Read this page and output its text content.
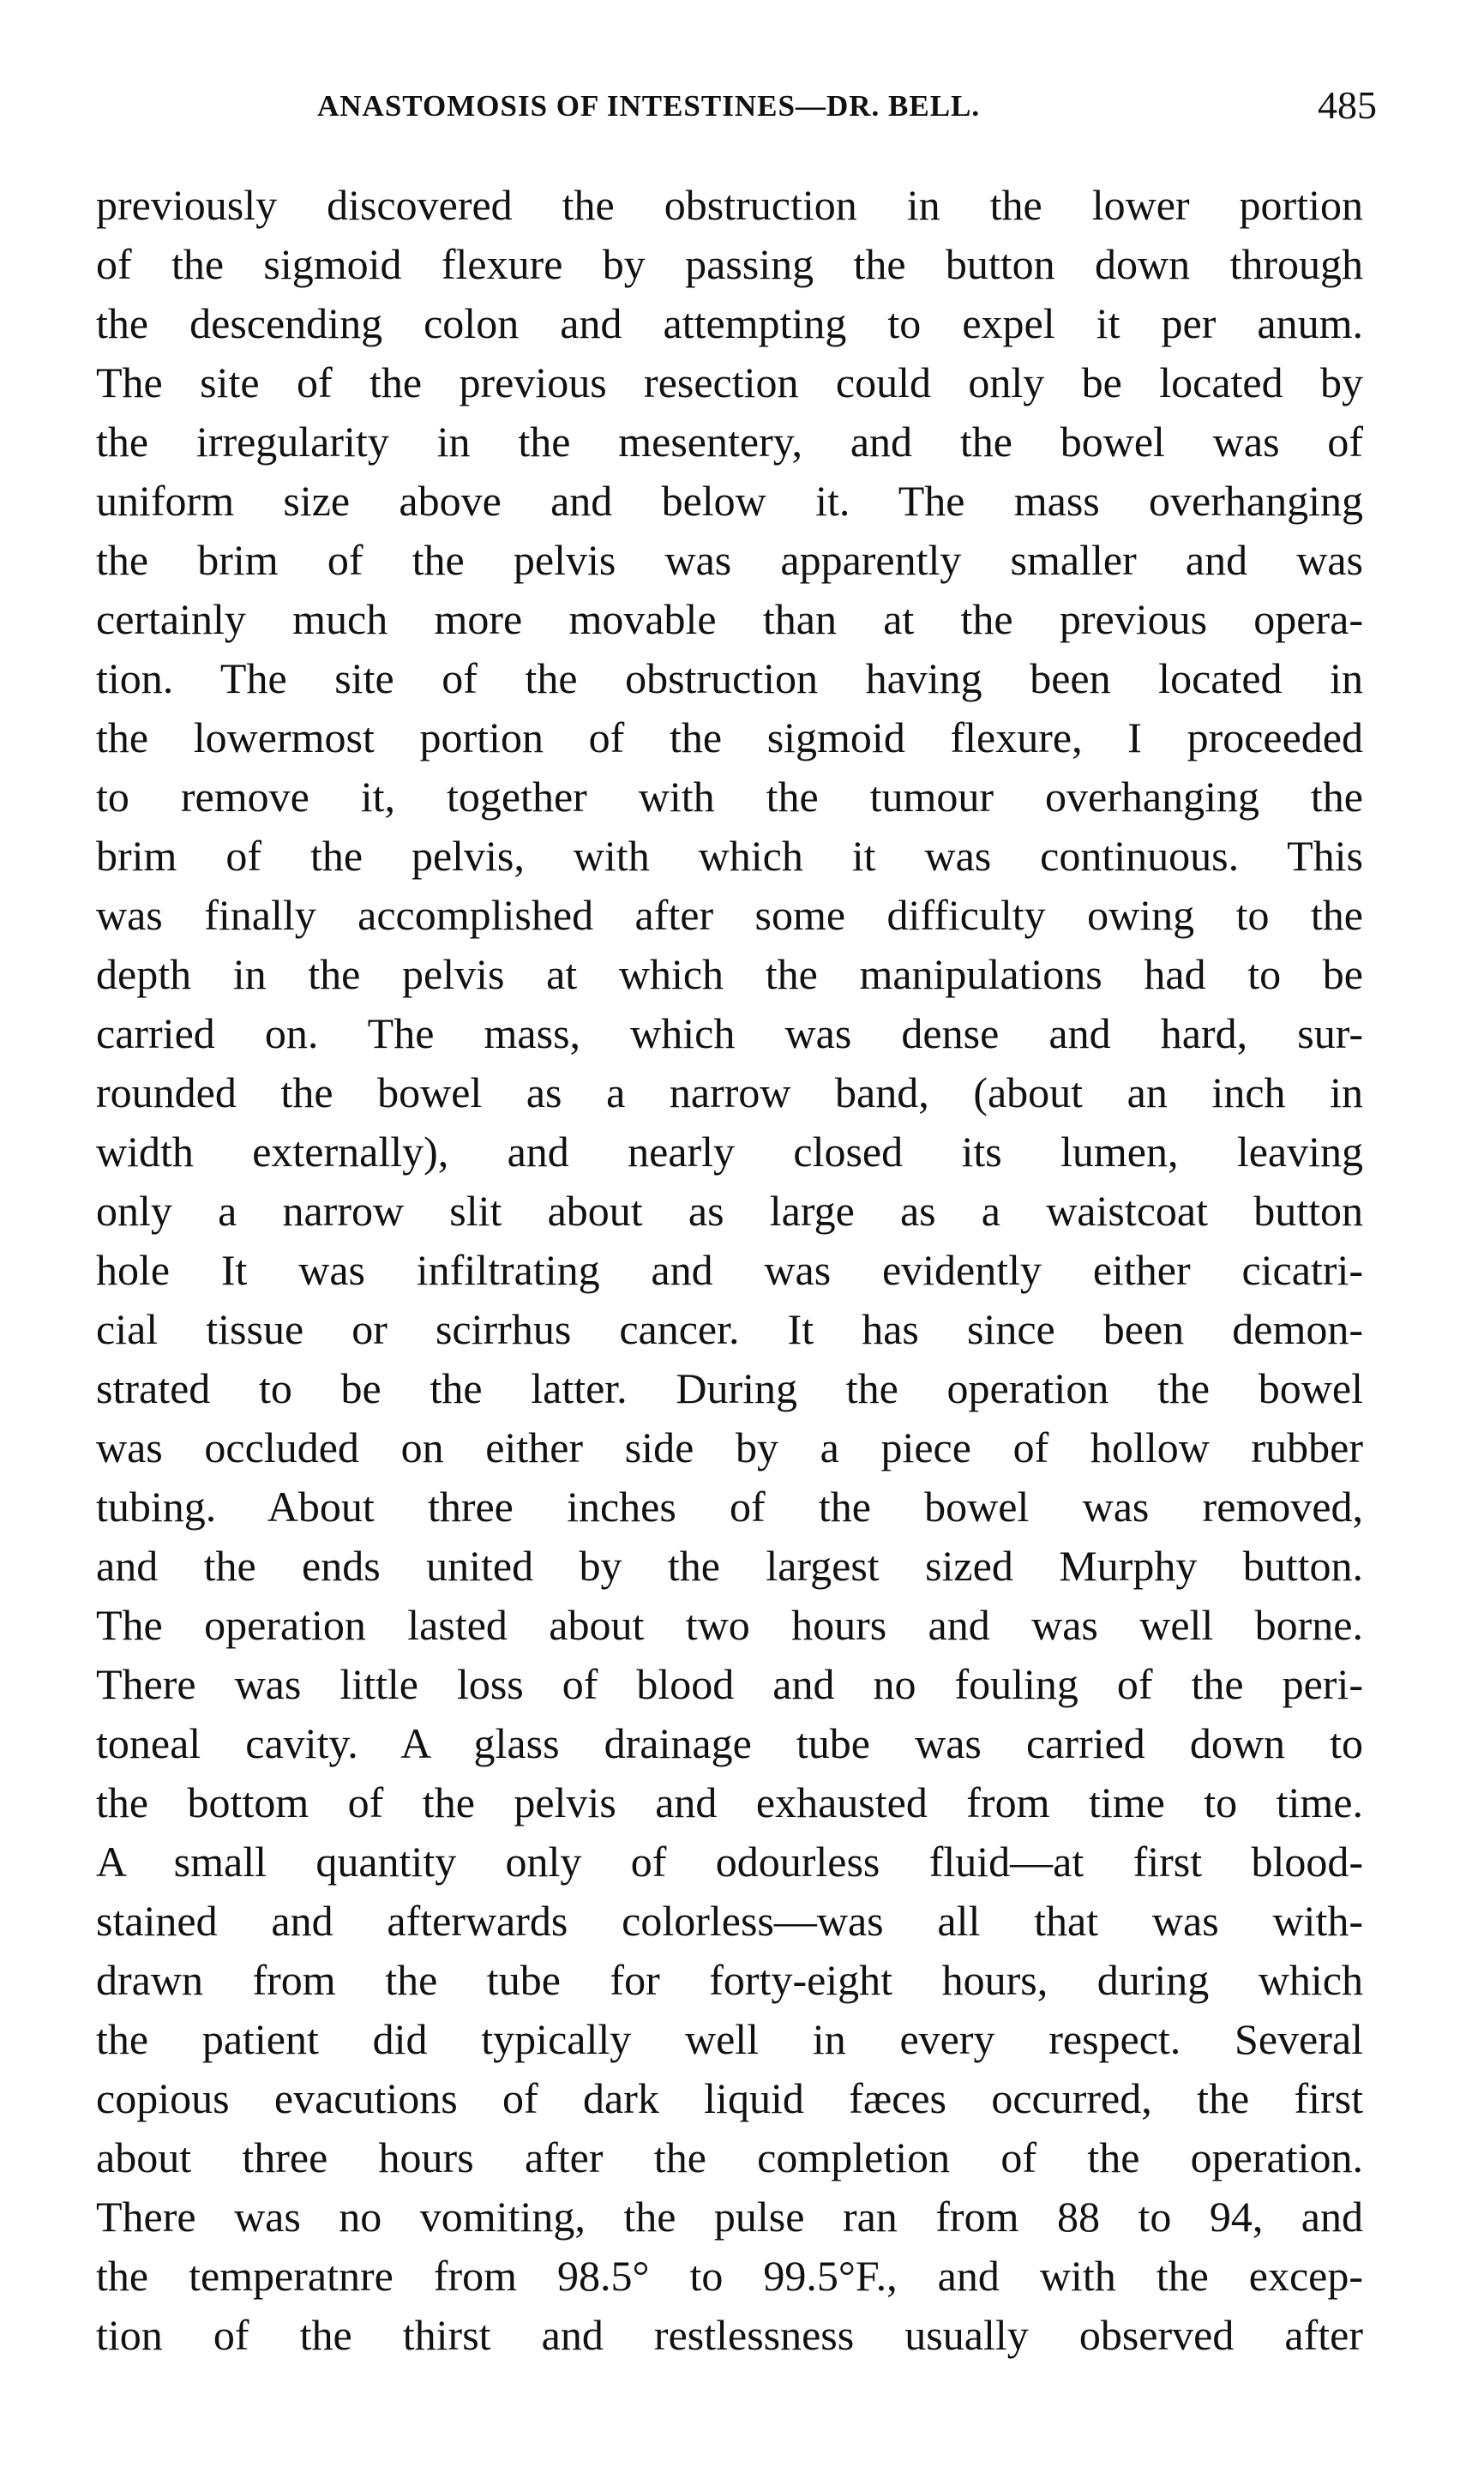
ANASTOMOSIS OF INTESTINES—DR. BELL.	485
previously discovered the obstruction in the lower portion
of the sigmoid flexure by passing the button down through
the descending colon and attempting to expel it per anum.
The site of the previous resection could only be located by
the irregularity in the mesentery, and the bowel was of
uniform size above and below it. The mass overhanging
the brim of the pelvis was apparently smaller and was
certainly much more movable than at the previous opera-
tion. The site of the obstruction having been located in
the lowermost portion of the sigmoid flexure, I proceeded
to remove it, together with the tumour overhanging the
brim of the pelvis, with which it was continuous. This
was finally accomplished after some difficulty owing to the
depth in the pelvis at which the manipulations had to be
carried on. The mass, which was dense and hard, sur-
rounded the bowel as a narrow band, (about an inch in
width externally), and nearly closed its lumen, leaving
only a narrow slit about as large as a waistcoat button
hole It was infiltrating and was evidently either cicatri-
cial tissue or scirrhus cancer. It has since been demon-
strated to be the latter. During the operation the bowel
was occluded on either side by a piece of hollow rubber
tubing. About three inches of the bowel was removed,
and the ends united by the largest sized Murphy button.
The operation lasted about two hours and was well borne.
There was little loss of blood and no fouling of the peri-
toneal cavity. A glass drainage tube was carried down to
the bottom of the pelvis and exhausted from time to time.
A small quantity only of odourless fluid—at first blood-
stained and afterwards colorless—was all that was with-
drawn from the tube for forty-eight hours, during which
the patient did typically well in every respect. Several
copious evacutions of dark liquid fæces occurred, the first
about three hours after the completion of the operation.
There was no vomiting, the pulse ran from 88 to 94, and
the temperatnre from 98.5° to 99.5°F., and with the excep-
tion of the thirst and restlessness usually observed after
